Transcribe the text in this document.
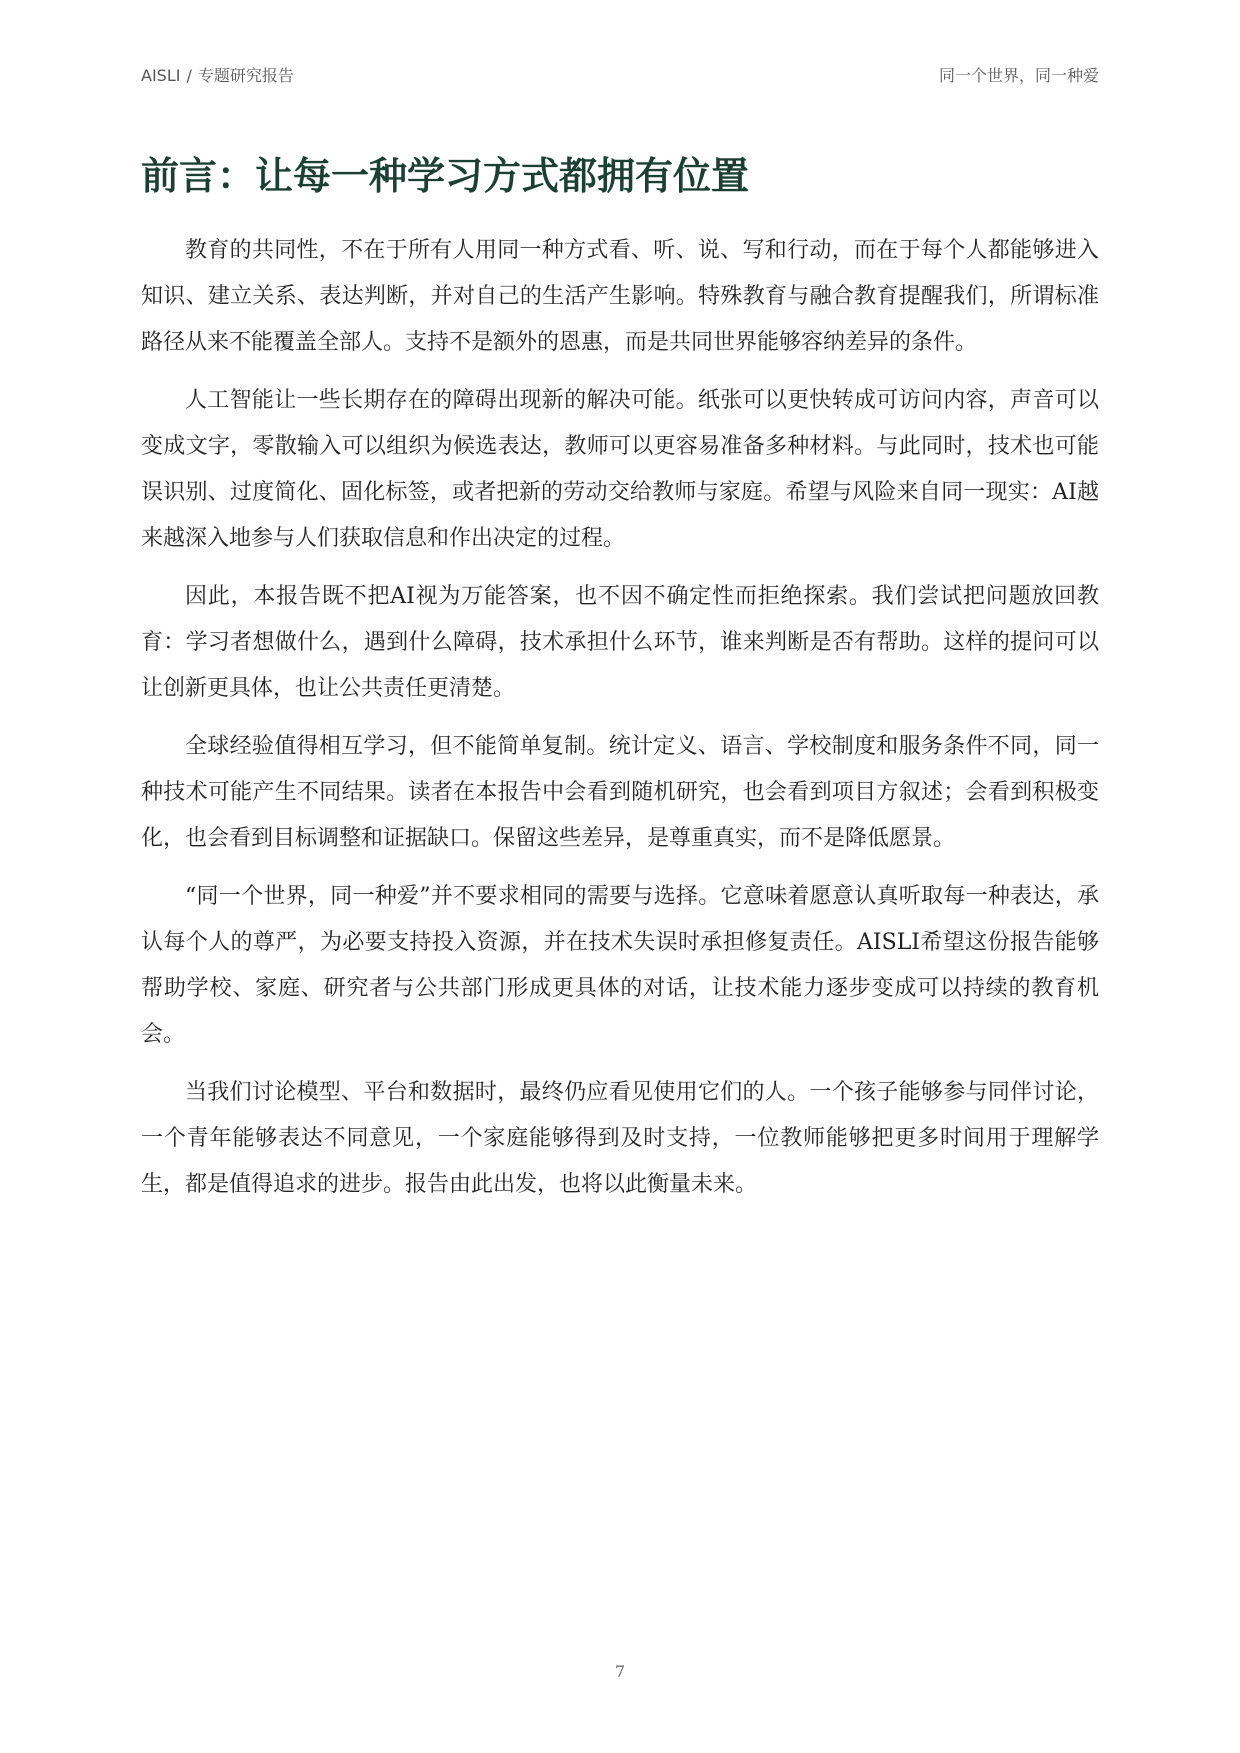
AISLI / 专题研究报告	同一个世界，同一种爱
前言：让每一种学习方式都拥有位置

教育的共同性，不在于所有人用同一种方式看、听、说、写和行动，而在于每个人都能够进入知识、建立关系、表达判断，并对自己的生活产生影响。特殊教育与融合教育提醒我们，所谓标准路径从来不能覆盖全部人。支持不是额外的恩惠，而是共同世界能够容纳差异的条件。

人工智能让一些长期存在的障碍出现新的解决可能。纸张可以更快转成可访问内容，声音可以变成文字，零散输入可以组织为候选表达，教师可以更容易准备多种材料。与此同时，技术也可能误识别、过度简化、固化标签，或者把新的劳动交给教师与家庭。希望与风险来自同一现实：AI越来越深入地参与人们获取信息和作出决定的过程。

因此，本报告既不把AI视为万能答案，也不因不确定性而拒绝探索。我们尝试把问题放回教育：学习者想做什么，遇到什么障碍，技术承担什么环节，谁来判断是否有帮助。这样的提问可以让创新更具体，也让公共责任更清楚。

全球经验值得相互学习，但不能简单复制。统计定义、语言、学校制度和服务条件不同，同一种技术可能产生不同结果。读者在本报告中会看到随机研究，也会看到项目方叙述；会看到积极变化，也会看到目标调整和证据缺口。保留这些差异，是尊重真实，而不是降低愿景。

“同一个世界，同一种爱”并不要求相同的需要与选择。它意味着愿意认真听取每一种表达，承认每个人的尊严，为必要支持投入资源，并在技术失误时承担修复责任。AISLI希望这份报告能够帮助学校、家庭、研究者与公共部门形成更具体的对话，让技术能力逐步变成可以持续的教育机会。

当我们讨论模型、平台和数据时，最终仍应看见使用它们的人。一个孩子能够参与同伴讨论，一个青年能够表达不同意见，一个家庭能够得到及时支持，一位教师能够把更多时间用于理解学生，都是值得追求的进步。报告由此出发，也将以此衡量未来。

7
